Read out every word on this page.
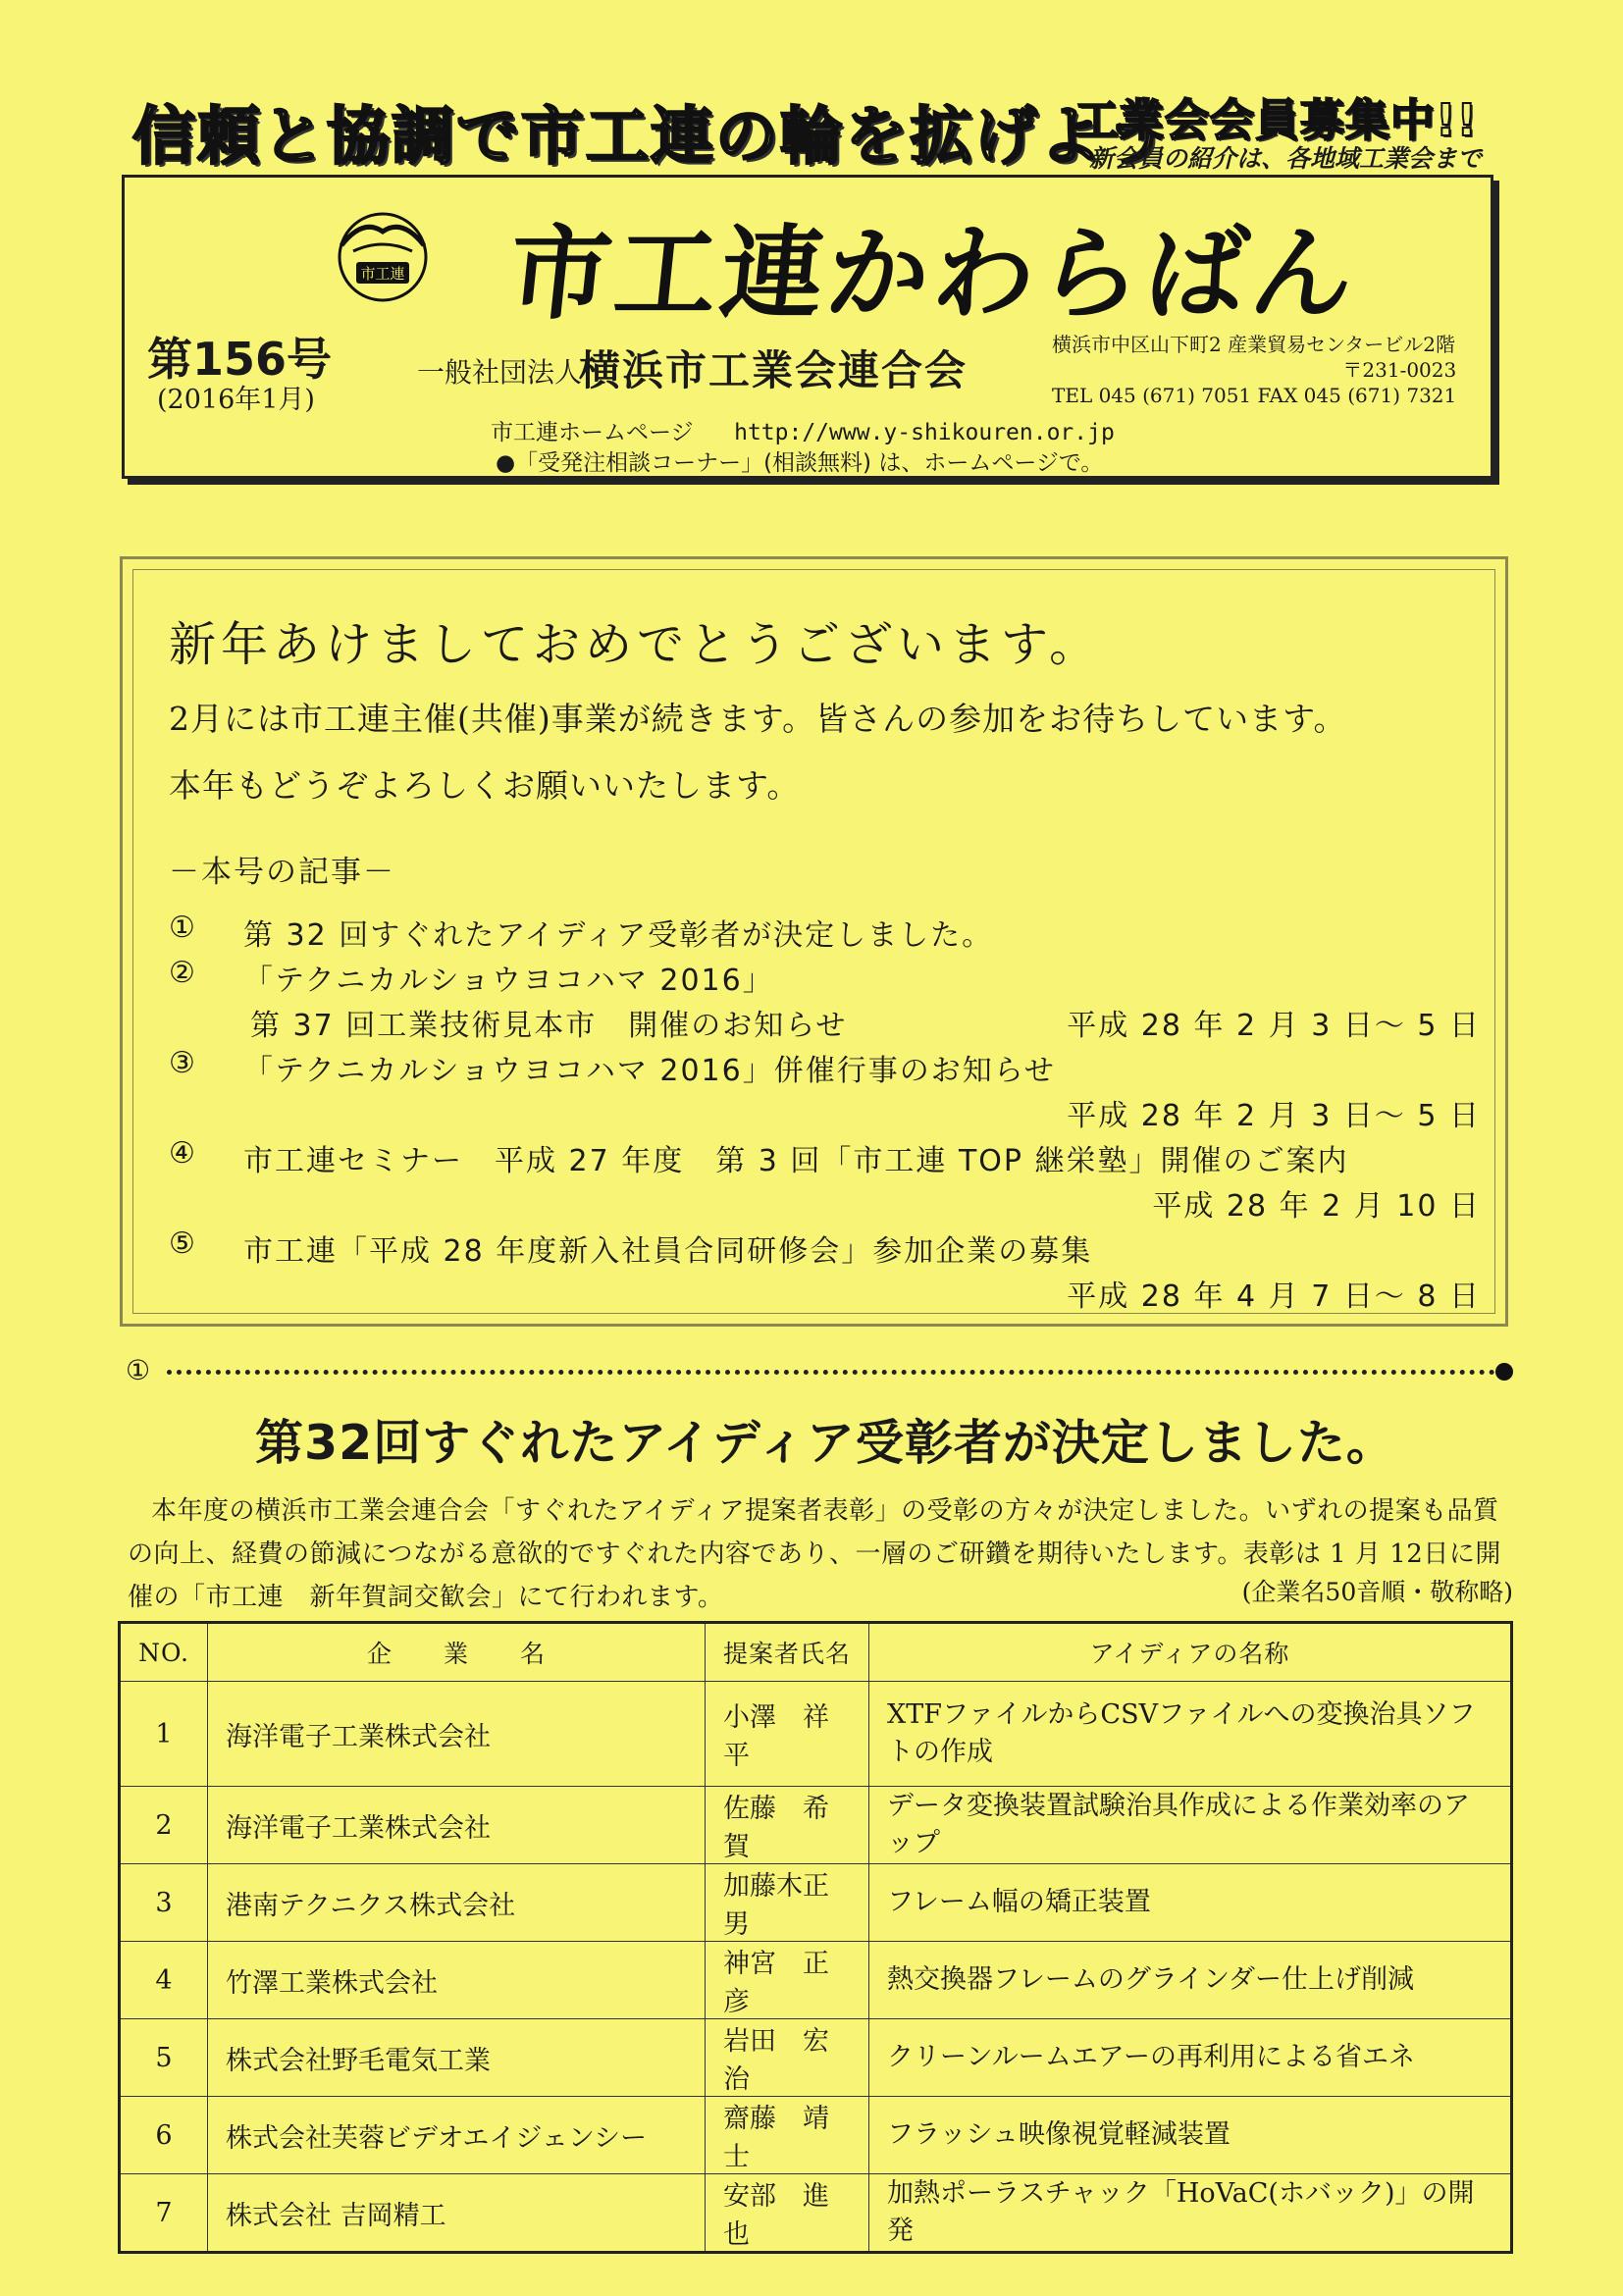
信頼と協調で市工連の輪を拡げよう
工業会会員募集中!!
新会員の紹介は、各地域工業会まで
市工連 市工連かわらばん
第156号
(2016年1月)
一般社団法人
横浜市工業会連合会
横浜市中区山下町2 産業貿易センタービル2階
〒231-0023
TEL 045 (671) 7051 FAX 045 (671) 7321
市工連ホームページ http://www.y-shikouren.or.jp
●「受発注相談コーナー」(相談無料) は、ホームページで。
新年あけましておめでとうございます。
2月には市工連主催(共催)事業が続きます。皆さんの参加をお待ちしています。
本年もどうぞよろしくお願いいたします。
－本号の記事－
① 第 32 回すぐれたアイディア受彰者が決定しました。
② 「テクニカルショウヨコハマ 2016」
第 37 回工業技術見本市　開催のお知らせ	平成 28 年 2 月 3 日～ 5 日
③ 「テクニカルショウヨコハマ 2016」併催行事のお知らせ
平成 28 年 2 月 3 日～ 5 日
④ 市工連セミナー　平成 27 年度　第 3 回「市工連 TOP 継栄塾」開催のご案内
平成 28 年 2 月 10 日
⑤ 市工連「平成 28 年度新入社員合同研修会」参加企業の募集
平成 28 年 4 月 7 日～ 8 日
①
第32回すぐれたアイディア受彰者が決定しました。
本年度の横浜市工業会連合会「すぐれたアイディア提案者表彰」の受彰の方々が決定しました。いずれの提案も品質の向上、経費の節減につながる意欲的ですぐれた内容であり、一層のご研鑽を期待いたします。表彰は 1 月 12日に開催の「市工連　新年賀詞交歓会」にて行われます。	(企業名50音順・敬称略)
NO.	企　　業　　名	提案者氏名	アイディアの名称
1	海洋電子工業株式会社	小澤　祥平	XTFファイルからCSVファイルへの変換治具ソフトの作成
2	海洋電子工業株式会社	佐藤　希賀	データ変換装置試験治具作成による作業効率のアップ
3	港南テクニクス株式会社	加藤木正男	フレーム幅の矯正装置
4	竹澤工業株式会社	神宮　正彦	熱交換器フレームのグラインダー仕上げ削減
5	株式会社野毛電気工業	岩田　宏治	クリーンルームエアーの再利用による省エネ
6	株式会社芙蓉ビデオエイジェンシー	齋藤　靖士	フラッシュ映像視覚軽減装置
7	株式会社 吉岡精工	安部　進也	加熱ポーラスチャック「HoVaC(ホバック)」の開発
